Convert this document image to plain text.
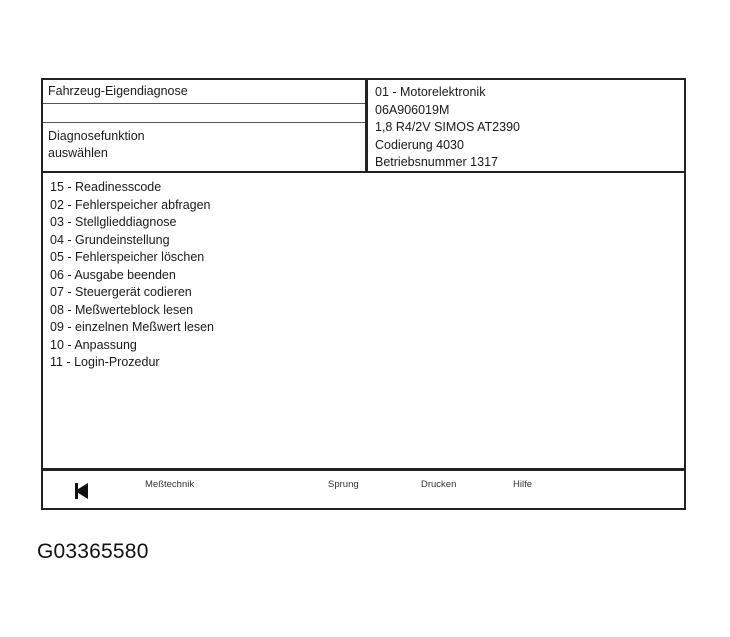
Fahrzeug-Eigendiagnose
Diagnosefunktion
auswählen
01 - Motorelektronik
06A906019M
1,8 R4/2V SIMOS AT2390
Codierung 4030
Betriebsnummer 1317
15 - Readinesscode
02 - Fehlerspeicher abfragen
03 - Stellglieddiagnose
04 - Grundeinstellung
05 - Fehlerspeicher löschen
06 - Ausgabe beenden
07 - Steuergerät codieren
08 - Meßwerteblock lesen
09 - einzelnen Meßwert lesen
10 - Anpassung
11 - Login-Prozedur
Meßtechnik	Sprung	Drucken	Hilfe
G03365580
